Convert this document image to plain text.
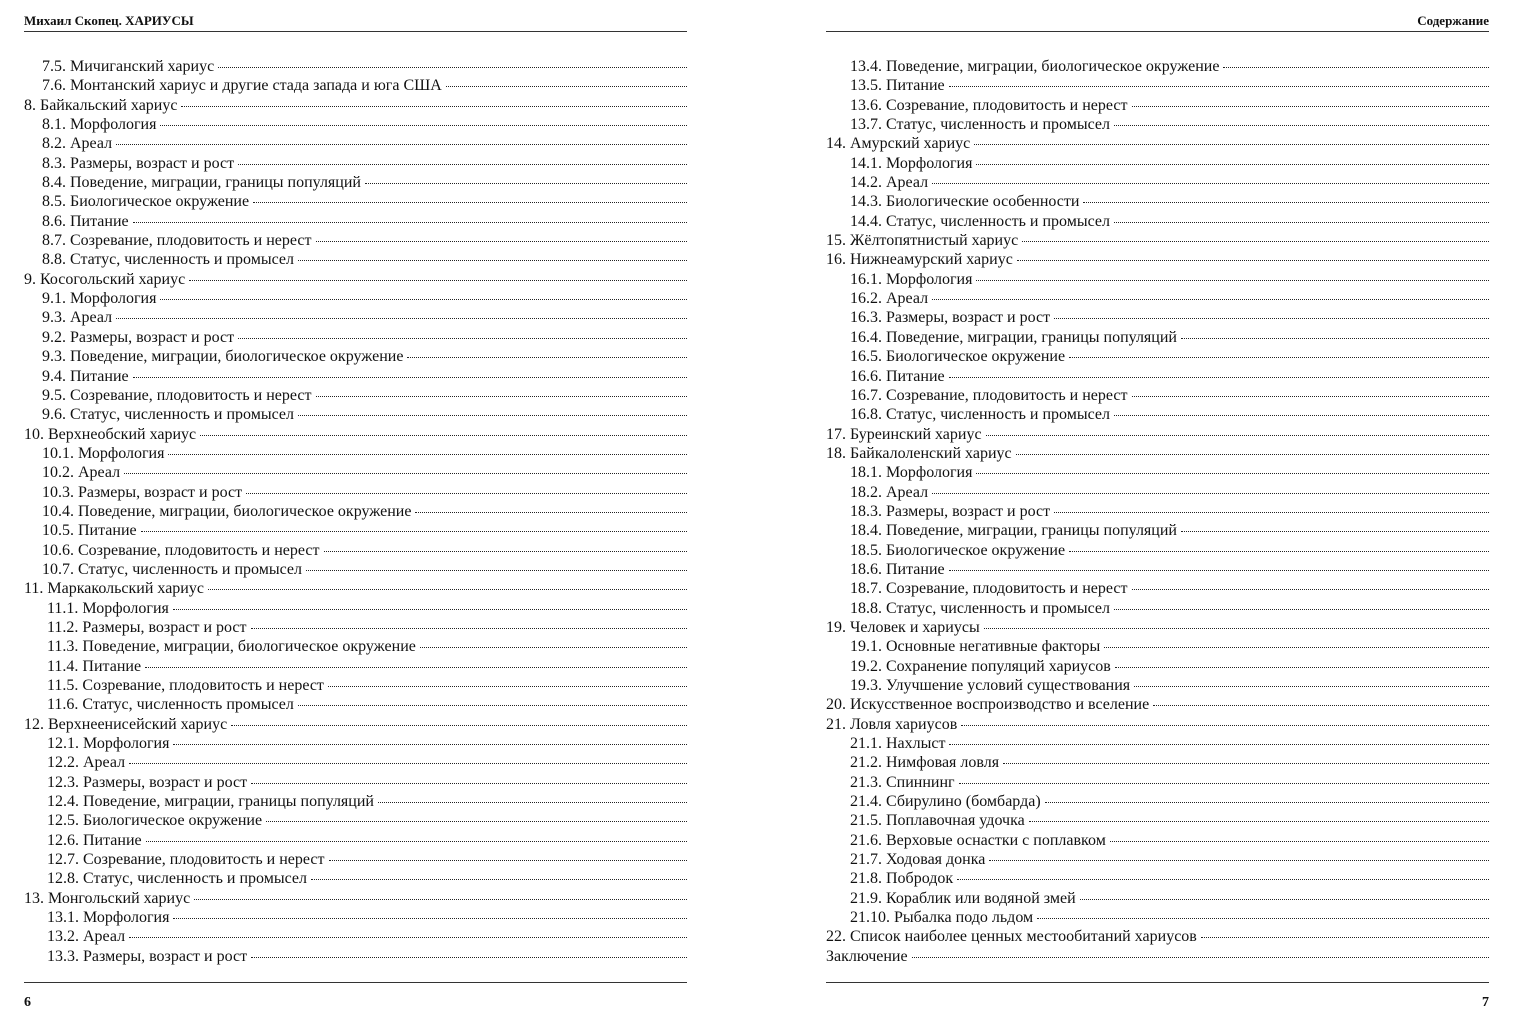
Михаил Скопец. ХАРИУСЫ
7.5. Мичиганский хариус
7.6. Монтанский хариус и другие стада запада и юга США
8. Байкальский хариус
8.1. Морфология
8.2. Ареал
8.3. Размеры, возраст и рост
8.4. Поведение, миграции, границы популяций
8.5. Биологическое окружение
8.6. Питание
8.7. Созревание, плодовитость и нерест
8.8. Статус, численность и промысел
9. Косогольский хариус
9.1. Морфология
9.3. Ареал
9.2. Размеры, возраст и рост
9.3. Поведение, миграции, биологическое окружение
9.4. Питание
9.5. Созревание, плодовитость и нерест
9.6. Статус, численность и промысел
10. Верхнеобский хариус
10.1. Морфология
10.2. Ареал
10.3. Размеры, возраст и рост
10.4. Поведение, миграции, биологическое окружение
10.5. Питание
10.6. Созревание, плодовитость и нерест
10.7. Статус, численность и промысел
11. Маркакольский хариус
11.1. Морфология
11.2. Размеры, возраст и рост
11.3. Поведение, миграции, биологическое окружение
11.4. Питание
11.5. Созревание, плодовитость и нерест
11.6. Статус, численность промысел
12. Верхнеенисейский хариус
12.1. Морфология
12.2. Ареал
12.3. Размеры, возраст и рост
12.4. Поведение, миграции, границы популяций
12.5. Биологическое окружение
12.6. Питание
12.7. Созревание, плодовитость и нерест
12.8. Статус, численность и промысел
13. Монгольский хариус
13.1. Морфология
13.2. Ареал
13.3. Размеры, возраст и рост
6
Содержание
13.4. Поведение, миграции, биологическое окружение
13.5. Питание
13.6. Созревание, плодовитость и нерест
13.7. Статус, численность и промысел
14. Амурский хариус
14.1. Морфология
14.2. Ареал
14.3. Биологические особенности
14.4. Статус, численность и промысел
15. Жёлтопятнистый хариус
16. Нижнеамурский хариус
16.1. Морфология
16.2. Ареал
16.3. Размеры, возраст и рост
16.4. Поведение, миграции, границы популяций
16.5. Биологическое окружение
16.6. Питание
16.7. Созревание, плодовитость и нерест
16.8. Статус, численность и промысел
17. Буреинский хариус
18. Байкалоленский хариус
18.1. Морфология
18.2. Ареал
18.3. Размеры, возраст и рост
18.4. Поведение, миграции, границы популяций
18.5. Биологическое окружение
18.6. Питание
18.7. Созревание, плодовитость и нерест
18.8. Статус, численность и промысел
19. Человек и хариусы
19.1. Основные негативные факторы
19.2. Сохранение популяций хариусов
19.3. Улучшение условий существования
20. Искусственное воспроизводство и вселение
21. Ловля хариусов
21.1. Нахлыст
21.2. Нимфовая ловля
21.3. Спиннинг
21.4. Сбирулино (бомбарда)
21.5. Поплавочная удочка
21.6. Верховые оснастки с поплавком
21.7. Ходовая донка
21.8. Побродок
21.9. Кораблик или водяной змей
21.10. Рыбалка подо льдом
22. Список наиболее ценных местообитаний хариусов
Заключение
7
